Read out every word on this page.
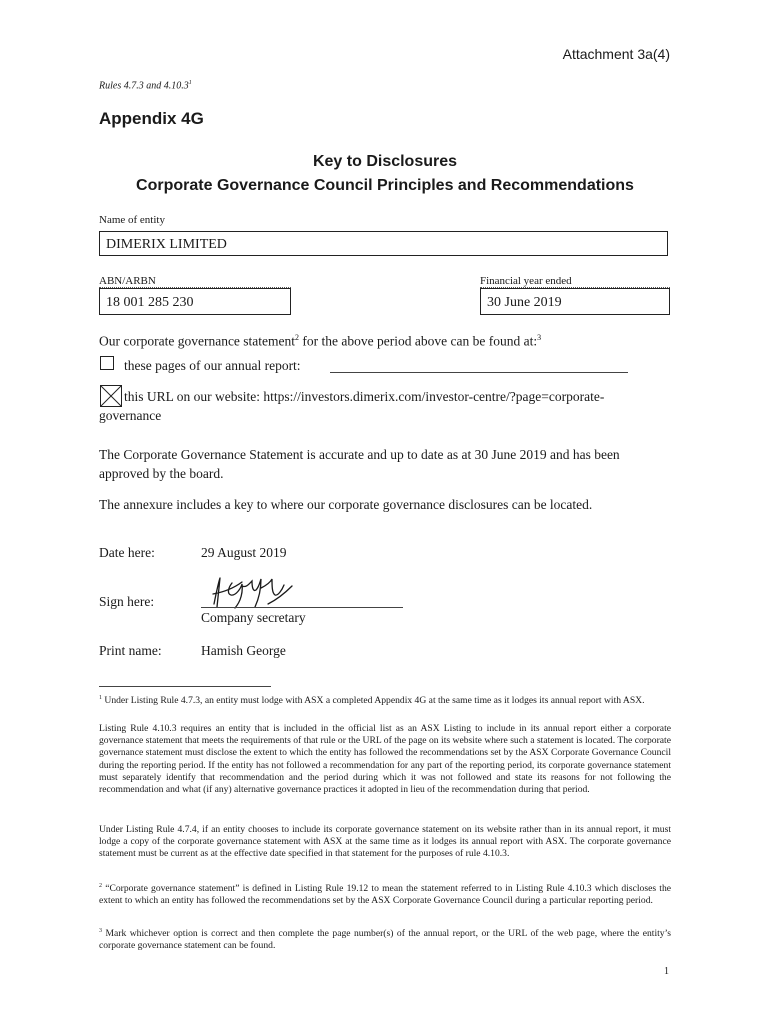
Attachment 3a(4)
Rules 4.7.3 and 4.10.3$^1$
Appendix 4G
Key to Disclosures
Corporate Governance Council Principles and Recommendations
Name of entity
DIMERIX LIMITED
ABN/ARBN
18 001 285 230
Financial year ended
30 June 2019
Our corporate governance statement$^2$ for the above period above can be found at:$^3$
these pages of our annual report:
this URL on our website: https://investors.dimerix.com/investor-centre/?page=corporate-governance
The Corporate Governance Statement is accurate and up to date as at 30 June 2019 and has been approved by the board.
The annexure includes a key to where our corporate governance disclosures can be located.
Date here:	29 August 2019
Sign here:
Company secretary
Print name:	Hamish George
$^1$ Under Listing Rule 4.7.3, an entity must lodge with ASX a completed Appendix 4G at the same time as it lodges its annual report with ASX.
Listing Rule 4.10.3 requires an entity that is included in the official list as an ASX Listing to include in its annual report either a corporate governance statement that meets the requirements of that rule or the URL of the page on its website where such a statement is located. The corporate governance statement must disclose the extent to which the entity has followed the recommendations set by the ASX Corporate Governance Council during the reporting period. If the entity has not followed a recommendation for any part of the reporting period, its corporate governance statement must separately identify that recommendation and the period during which it was not followed and state its reasons for not following the recommendation and what (if any) alternative governance practices it adopted in lieu of the recommendation during that period.
Under Listing Rule 4.7.4, if an entity chooses to include its corporate governance statement on its website rather than in its annual report, it must lodge a copy of the corporate governance statement with ASX at the same time as it lodges its annual report with ASX. The corporate governance statement must be current as at the effective date specified in that statement for the purposes of rule 4.10.3.
$^2$ “Corporate governance statement” is defined in Listing Rule 19.12 to mean the statement referred to in Listing Rule 4.10.3 which discloses the extent to which an entity has followed the recommendations set by the ASX Corporate Governance Council during a particular reporting period.
$^3$ Mark whichever option is correct and then complete the page number(s) of the annual report, or the URL of the web page, where the entity’s corporate governance statement can be found.
1
